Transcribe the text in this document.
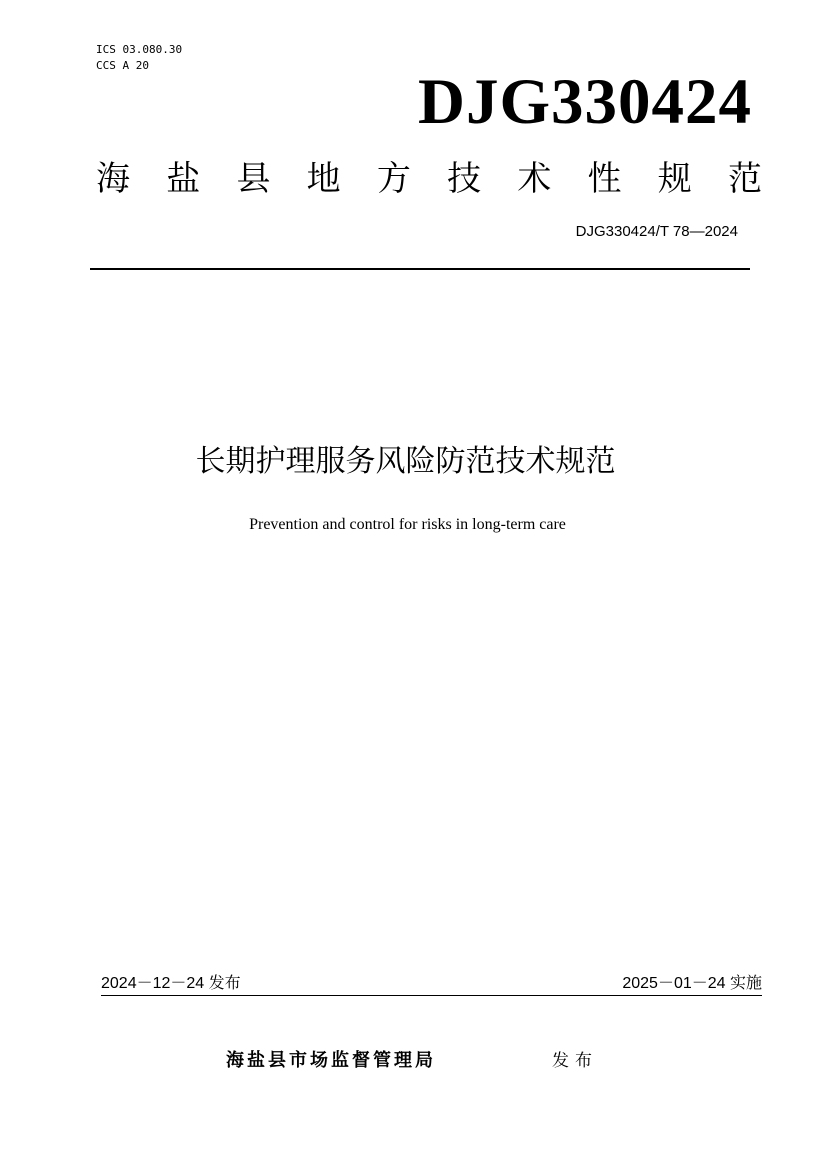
ICS 03.080.30
CCS A 20
DJG330424
海 盐 县 地 方 技 术 性 规 范
DJG330424/T 78—2024
长期护理服务风险防范技术规范
Prevention and control for risks in long-term care
2024－12－24 发布	2025－01－24 实施
海盐县市场监督管理局	发布
